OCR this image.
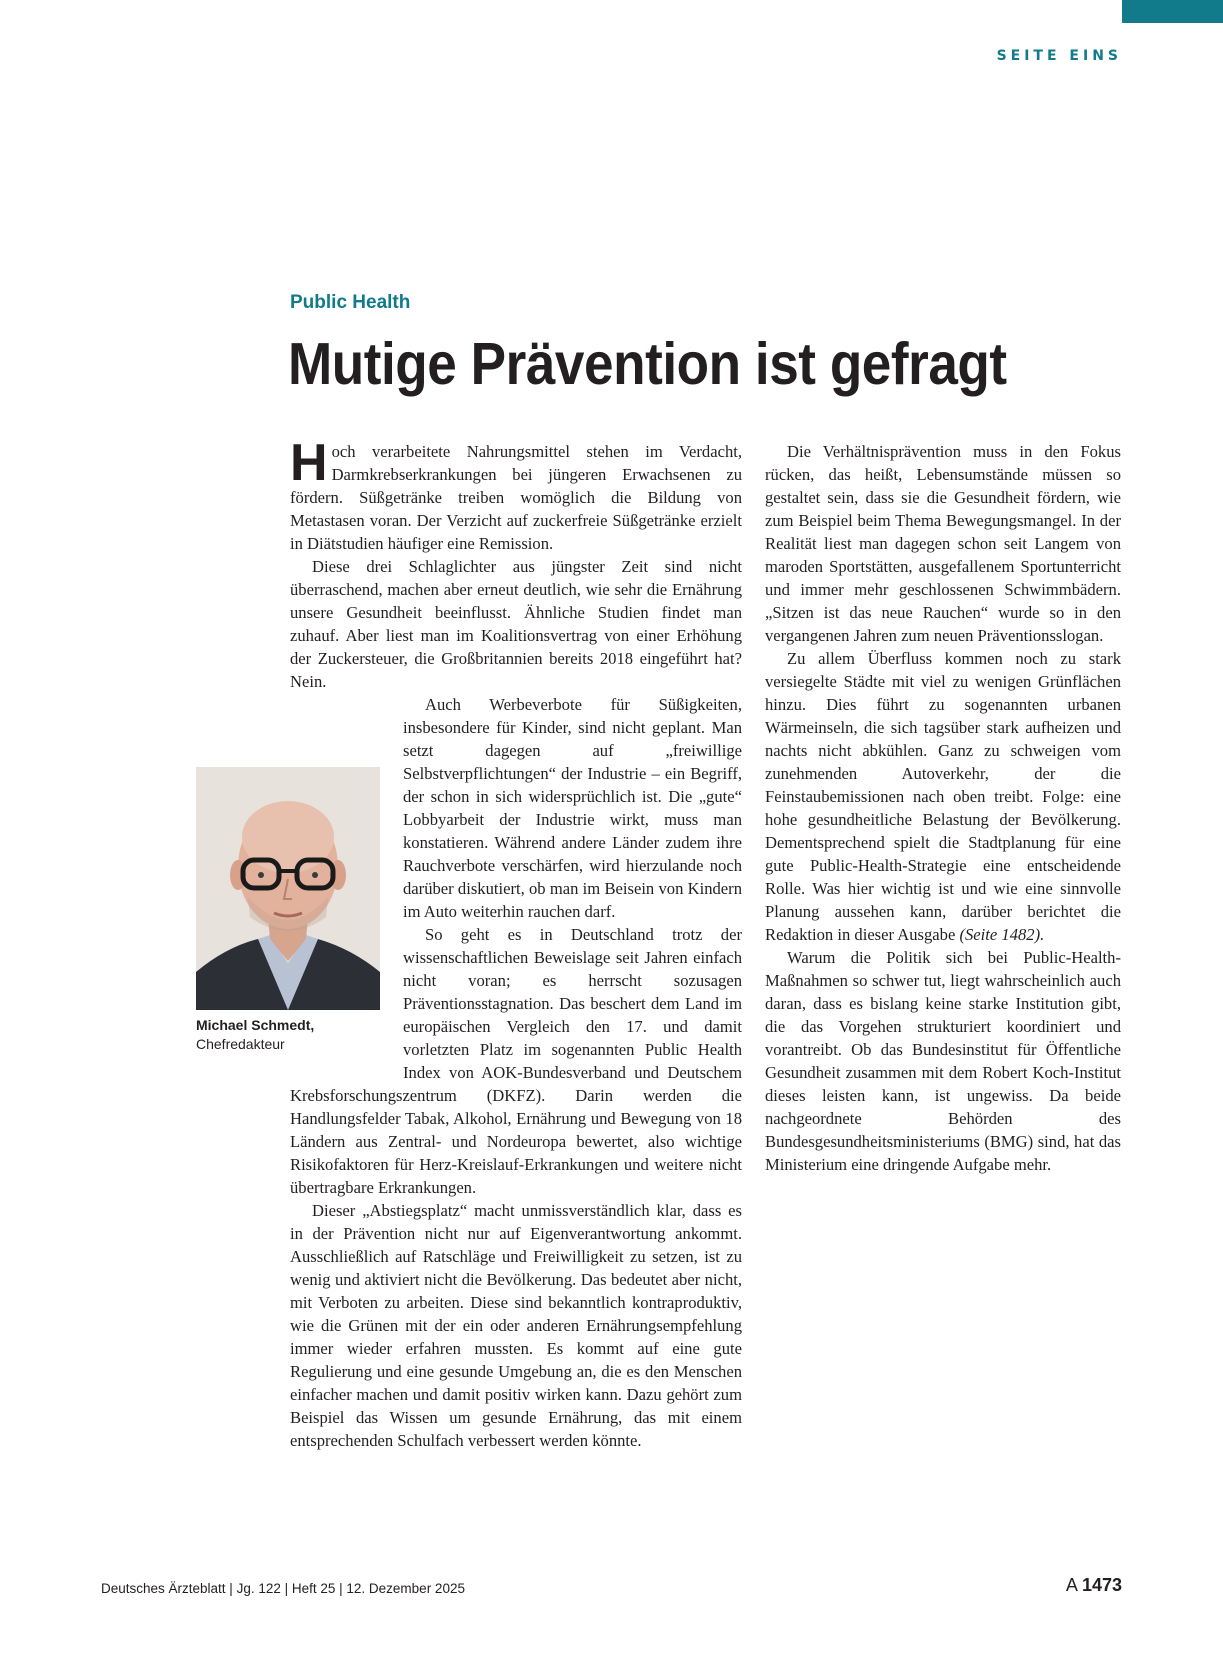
SEITE EINS
Public Health
Mutige Prävention ist gefragt

Hoch verarbeitete Nahrungsmittel stehen im Verdacht, Darmkrebserkrankungen bei jüngeren Erwachsenen zu fördern. Süßgetränke treiben womöglich die Bildung von Metastasen voran. Der Verzicht auf zuckerfreie Süßgetränke erzielt in Diätstudien häufiger eine Remission.

Diese drei Schlaglichter aus jüngster Zeit sind nicht überraschend, machen aber erneut deutlich, wie sehr die Ernährung unsere Gesundheit beeinflusst. Ähnliche Studien findet man zuhauf. Aber liest man im Koalitionsvertrag von einer Erhöhung der Zuckersteuer, die Großbritannien bereits 2018 eingeführt hat? Nein.

Auch Werbeverbote für Süßigkeiten, insbesondere für Kinder, sind nicht geplant. Man setzt dagegen auf „freiwillige Selbstverpflichtungen“ der Industrie – ein Begriff, der schon in sich widersprüchlich ist. Die „gute“ Lobbyarbeit der Industrie wirkt, muss man konstatieren. Während andere Länder zudem ihre Rauchverbote verschärfen, wird hierzulande noch darüber diskutiert, ob man im Beisein von Kindern im Auto weiterhin rauchen darf.

So geht es in Deutschland trotz der wissenschaftlichen Beweislage seit Jahren einfach nicht voran; es herrscht sozusagen Präventionsstagnation. Das beschert dem Land im europäischen Vergleich den 17. und damit vorletzten Platz im sogenannten Public Health Index von AOK-Bundesverband und Deutschem Krebsforschungszentrum (DKFZ). Darin werden die Handlungsfelder Tabak, Alkohol, Ernährung und Bewegung von 18 Ländern aus Zentral- und Nordeuropa bewertet, also wichtige Risikofaktoren für Herz-Kreislauf-Erkrankungen und weitere nicht übertragbare Erkrankungen.

Dieser „Abstiegsplatz“ macht unmissverständlich klar, dass es in der Prävention nicht nur auf Eigenverantwortung ankommt. Ausschließlich auf Ratschläge und Freiwilligkeit zu setzen, ist zu wenig und aktiviert nicht die Bevölkerung. Das bedeutet aber nicht, mit Verboten zu arbeiten. Diese sind bekanntlich kontraproduktiv, wie die Grünen mit der ein oder anderen Ernährungsempfehlung immer wieder erfahren mussten. Es kommt auf eine gute Regulierung und eine gesunde Umgebung an, die es den Menschen einfacher machen und damit positiv wirken kann. Dazu gehört zum Beispiel das Wissen um gesunde Ernährung, das mit einem entsprechenden Schulfach verbessert werden könnte.

Die Verhältnisprävention muss in den Fokus rücken, das heißt, Lebensumstände müssen so gestaltet sein, dass sie die Gesundheit fördern, wie zum Beispiel beim Thema Bewegungsmangel. In der Realität liest man dagegen schon seit Langem von maroden Sportstätten, ausgefallenem Sportunterricht und immer mehr geschlossenen Schwimmbädern. „Sitzen ist das neue Rauchen“ wurde so in den vergangenen Jahren zum neuen Präventionsslogan.

Zu allem Überfluss kommen noch zu stark versiegelte Städte mit viel zu wenigen Grünflächen hinzu. Dies führt zu sogenannten urbanen Wärmeinseln, die sich tagsüber stark aufheizen und nachts nicht abkühlen. Ganz zu schweigen vom zunehmenden Autoverkehr, der die Feinstaubemissionen nach oben treibt. Folge: eine hohe gesundheitliche Belastung der Bevölkerung. Dementsprechend spielt die Stadtplanung für eine gute Public-Health-Strategie eine entscheidende Rolle. Was hier wichtig ist und wie eine sinnvolle Planung aussehen kann, darüber berichtet die Redaktion in dieser Ausgabe (Seite 1482).

Warum die Politik sich bei Public-Health-Maßnahmen so schwer tut, liegt wahrscheinlich auch daran, dass es bislang keine starke Institution gibt, die das Vorgehen strukturiert koordiniert und vorantreibt. Ob das Bundesinstitut für Öffentliche Gesundheit zusammen mit dem Robert Koch-Institut dieses leisten kann, ist ungewiss. Da beide nachgeordnete Behörden des Bundesgesundheitsministeriums (BMG) sind, hat das Ministerium eine dringende Aufgabe mehr.

Michael Schmedt,
Chefredakteur
Deutsches Ärzteblatt | Jg. 122 | Heft 25 | 12. Dezember 2025	A 1473
